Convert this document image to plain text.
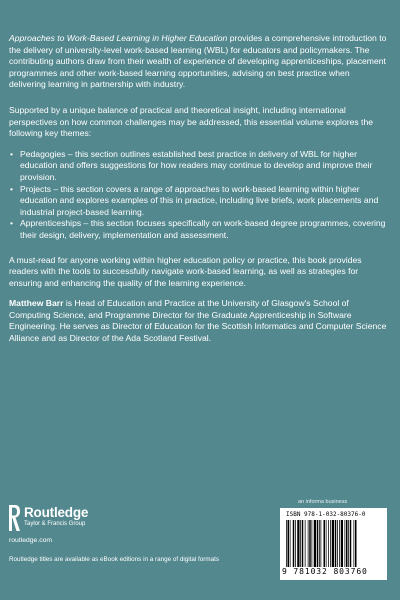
Approaches to Work-Based Learning in Higher Education provides a comprehensive introduction to the delivery of university-level work-based learning (WBL) for educators and policymakers. The contributing authors draw from their wealth of experience of developing apprenticeships, placement programmes and other work-based learning opportunities, advising on best practice when delivering learning in partnership with industry.

Supported by a unique balance of practical and theoretical insight, including international perspectives on how common challenges may be addressed, this essential volume explores the following key themes:

• Pedagogies – this section outlines established best practice in delivery of WBL for higher education and offers suggestions for how readers may continue to develop and improve their provision.
• Projects – this section covers a range of approaches to work-based learning within higher education and explores examples of this in practice, including live briefs, work placements and industrial project-based learning.
• Apprenticeships – this section focuses specifically on work-based degree programmes, covering their design, delivery, implementation and assessment.

A must-read for anyone working within higher education policy or practice, this book provides readers with the tools to successfully navigate work-based learning, as well as strategies for ensuring and enhancing the quality of the learning experience.

Matthew Barr is Head of Education and Practice at the University of Glasgow's School of Computing Science, and Programme Director for the Graduate Apprenticeship in Software Engineering. He serves as Director of Education for the Scottish Informatics and Computer Science Alliance and as Director of the Ada Scotland Festival.

Routledge
Taylor & Francis Group
routledge.com
Routledge titles are available as eBook editions in a range of digital formats
an informa business
ISBN 978-1-032-80376-0
9 781032 803760
